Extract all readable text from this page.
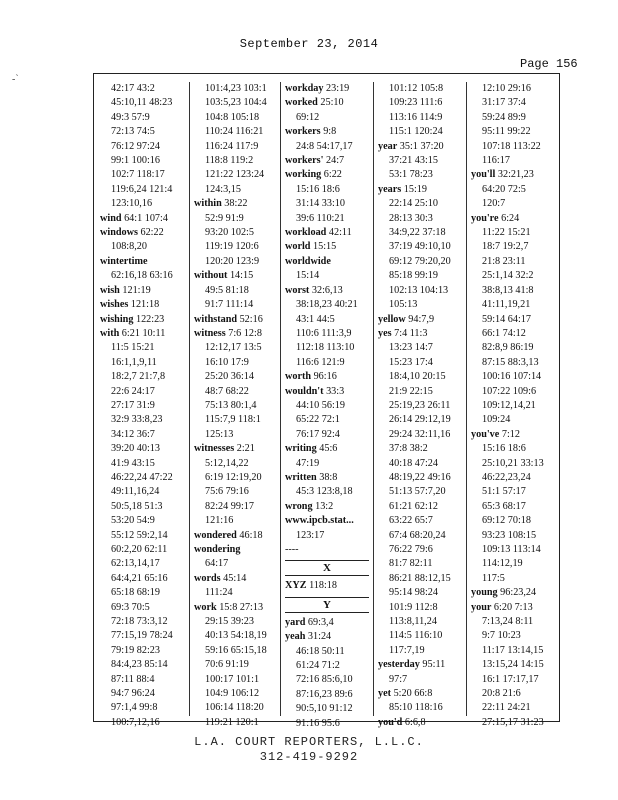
September 23, 2014
Page 156
-`
42:17 43:2
45:10,11 48:23
49:3 57:9
72:13 74:5
76:12 97:24
99:1 100:16
102:7 118:17
119:6,24 121:4
123:10,16
wind 64:1 107:4
windows 62:22
108:8,20
wintertime
62:16,18 63:16
wish 121:19
wishes 121:18
wishing 122:23
with 6:21 10:11
11:5 15:21
16:1,1,9,11
18:2,7 21:7,8
22:6 24:17
27:17 31:9
32:9 33:8,23
34:12 36:7
39:20 40:13
41:9 43:15
46:22,24 47:22
49:11,16,24
50:5,18 51:3
53:20 54:9
55:12 59:2,14
60:2,20 62:11
62:13,14,17
64:4,21 65:16
65:18 68:19
69:3 70:5
72:18 73:3,12
77:15,19 78:24
79:19 82:23
84:4,23 85:14
87:11 88:4
94:7 96:24
97:1,4 99:8
100:7,12,16
101:4,23 103:1
103:5,23 104:4
104:8 105:18
110:24 116:21
116:24 117:9
118:8 119:2
121:22 123:24
124:3,15
within 38:22
52:9 91:9
93:20 102:5
119:19 120:6
120:20 123:9
without 14:15
49:5 81:18
91:7 111:14
withstand 52:16
witness 7:6 12:8
12:12,17 13:5
16:10 17:9
25:20 36:14
48:7 68:22
75:13 80:1,4
115:7,9 118:1
125:13
witnesses 2:21
5:12,14,22
6:19 12:19,20
75:6 79:16
82:24 99:17
121:16
wondered 46:18
wondering
64:17
words 45:14
111:24
work 15:8 27:13
29:15 39:23
40:13 54:18,19
59:16 65:15,18
70:6 91:19
100:17 101:1
104:9 106:12
106:14 118:20
119:21 120:1
workday 23:19
worked 25:10
69:12
workers 9:8
24:8 54:17,17
workers' 24:7
working 6:22
15:16 18:6
31:14 33:10
39:6 110:21
workload 42:11
world 15:15
worldwide
15:14
worst 32:6,13
38:18,23 40:21
43:1 44:5
110:6 111:3,9
112:18 113:10
116:6 121:9
worth 96:16
wouldn't 33:3
44:10 56:19
65:22 72:1
76:17 92:4
writing 45:6
47:19
written 38:8
45:3 123:8,18
wrong 13:2
www.ipcb.stat...
123:17
----
X
XYZ 118:18
Y
yard 69:3,4
yeah 31:24
46:18 50:11
61:24 71:2
72:16 85:6,10
87:16,23 89:6
90:5,10 91:12
91:16 95:6
101:12 105:8
109:23 111:6
113:16 114:9
115:1 120:24
year 35:1 37:20
37:21 43:15
53:1 78:23
years 15:19
22:14 25:10
28:13 30:3
34:9,22 37:18
37:19 49:10,10
69:12 79:20,20
85:18 99:19
102:13 104:13
105:13
yellow 94:7,9
yes 7:4 11:3
13:23 14:7
15:23 17:4
18:4,10 20:15
21:9 22:15
25:19,23 26:11
26:14 29:12,19
29:24 32:11,16
37:8 38:2
40:18 47:24
48:19,22 49:16
51:13 57:7,20
61:21 62:12
63:22 65:7
67:4 68:20,24
76:22 79:6
81:7 82:11
86:21 88:12,15
95:14 98:24
101:9 112:8
113:8,11,24
114:5 116:10
117:7,19
yesterday 95:11
97:7
yet 5:20 66:8
85:10 118:16
you'd 6:6,8
12:10 29:16
31:17 37:4
59:24 89:9
95:11 99:22
107:18 113:22
116:17
you'll 32:21,23
64:20 72:5
120:7
you're 6:24
11:22 15:21
18:7 19:2,7
21:8 23:11
25:1,14 32:2
38:8,13 41:8
41:11,19,21
59:14 64:17
66:1 74:12
82:8,9 86:19
87:15 88:3,13
100:16 107:14
107:22 109:6
109:12,14,21
109:24
you've 7:12
15:16 18:6
25:10,21 33:13
46:22,23,24
51:1 57:17
65:3 68:17
69:12 70:18
93:23 108:15
109:13 113:14
114:12,19
117:5
young 96:23,24
your 6:20 7:13
7:13,24 8:11
9:7 10:23
11:17 13:14,15
13:15,24 14:15
16:1 17:17,17
20:8 21:6
22:11 24:21
27:15,17 31:23
L.A. COURT REPORTERS, L.L.C.
312-419-9292
